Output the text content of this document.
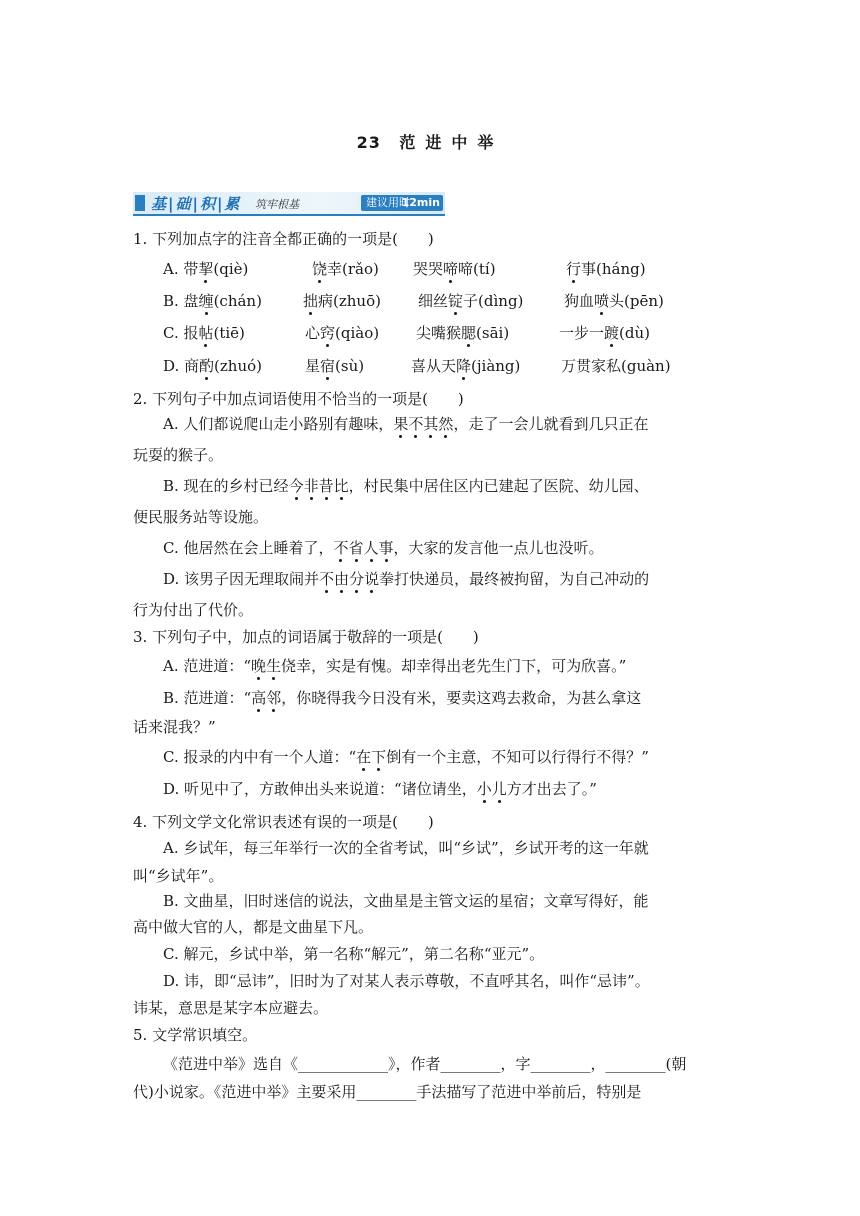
23 范进中举
基|础|积|累 筑牢根基	建议用时
12min
1. 下列加点字的注音全都正确的一项是(　　)
A. 带挈(qiè)	饶幸(rǎo) 哭哭啼啼(tí)	行事(háng)
B. 盘缠(chán)	拙病(zhuō) 细丝锭子(dìng)	狗血喷头(pēn)
C. 报帖(tiē)	心窍(qiào) 尖嘴猴腮(sāi)	一步一踱(dù)
D. 商酌(zhuó)	星宿(sù)	喜从天降(jiàng)	万贯家私(guàn)
2. 下列句子中加点词语使用不恰当的一项是(　　)
A. 人们都说爬山走小路别有趣味，果不其然，走了一会儿就看到几只正在
玩耍的猴子。
B. 现在的乡村已经今非昔比，村民集中居住区内已建起了医院、幼儿园、
便民服务站等设施。
C. 他居然在会上睡着了，不省人事，大家的发言他一点儿也没听。
D. 该男子因无理取闹并不由分说拳打快递员，最终被拘留，为自己冲动的
行为付出了代价。
3. 下列句子中，加点的词语属于敬辞的一项是(　　)
A. 范进道：“晚生侥幸，实是有愧。却幸得出老先生门下，可为欣喜。”
B. 范进道：“高邻，你晓得我今日没有米，要卖这鸡去救命，为甚么拿这
话来混我？”
C. 报录的内中有一个人道：“在下倒有一个主意，不知可以行得行不得？”
D. 听见中了，方敢伸出头来说道：“诸位请坐，小儿方才出去了。”
4. 下列文学文化常识表述有误的一项是(　　)
A. 乡试年，每三年举行一次的全省考试，叫“乡试”，乡试开考的这一年就
叫“乡试年”。
B. 文曲星，旧时迷信的说法，文曲星是主管文运的星宿；文章写得好，能
高中做大官的人，都是文曲星下凡。
C. 解元，乡试中举，第一名称“解元”，第二名称“亚元”。
D. 讳，即“忌讳”，旧时为了对某人表示尊敬，不直呼其名，叫作“忌讳”。
讳某，意思是某字本应避去。
5. 文学常识填空。
《范进中举》选自《____________》，作者________，字________，________(朝
代)小说家。《范进中举》主要采用________手法描写了范进中举前后，特别是
